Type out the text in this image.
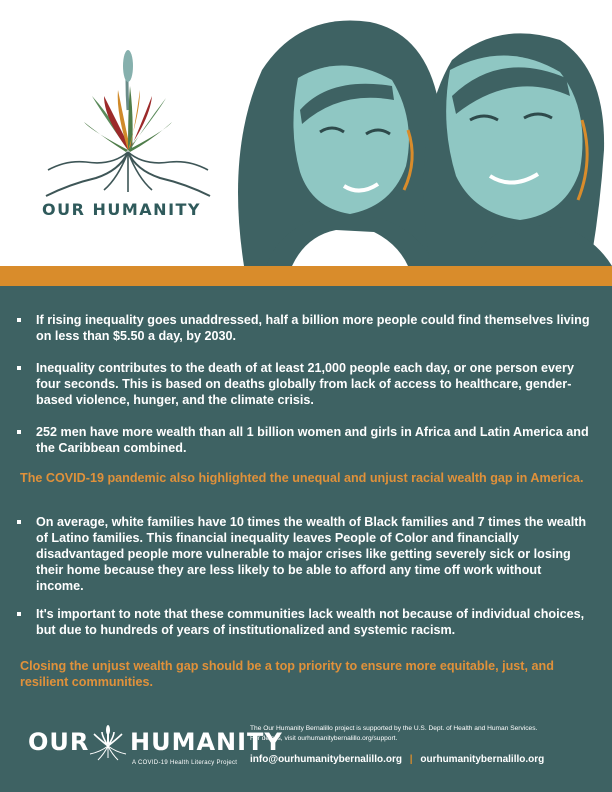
OUR HUMANITY
If rising inequality goes unaddressed, half a billion more people could find themselves living on less than $5.50 a day, by 2030.
Inequality contributes to the death of at least 21,000 people each day, or one person every four seconds. This is based on deaths globally from lack of access to healthcare, gender-based violence, hunger, and the climate crisis.
252 men have more wealth than all 1 billion women and girls in Africa and Latin America and the Caribbean combined.
The COVID-19 pandemic also highlighted the unequal and unjust racial wealth gap in America.
On average, white families have 10 times the wealth of Black families and 7 times the wealth of Latino families. This financial inequality leaves People of Color and financially disadvantaged people more vulnerable to major crises like getting severely sick or losing their home because they are less likely to be able to afford any time off work without income.
It's important to note that these communities lack wealth not because of individual choices, but due to hundreds of years of institutionalized and systemic racism.
Closing the unjust wealth gap should be a top priority to ensure more equitable, just, and resilient communities.
OUR HUMANITY
A COVID-19 Health Literacy Project
The Our Humanity Bernalillo project is supported by the U.S. Dept. of Health and Human Services.
For details, visit ourhumanitybernalillo.org/support.
info@ourhumanitybernalillo.org | ourhumanitybernalillo.org
